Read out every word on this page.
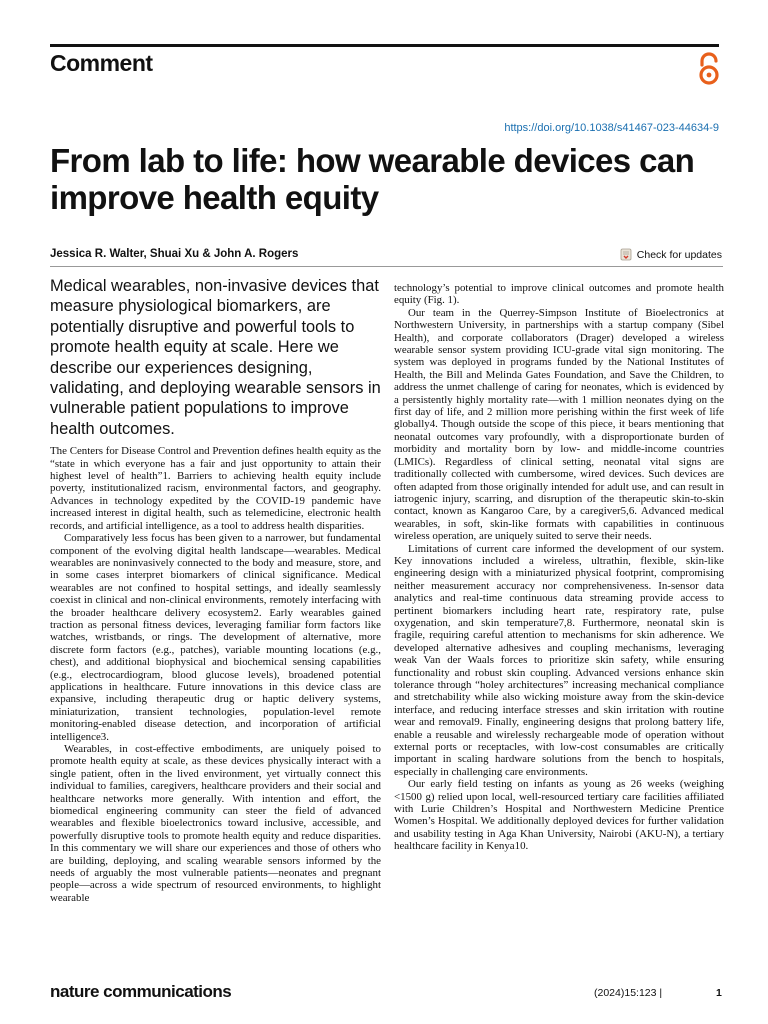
Comment
https://doi.org/10.1038/s41467-023-44634-9
From lab to life: how wearable devices can improve health equity
Jessica R. Walter, Shuai Xu & John A. Rogers	Check for updates
Medical wearables, non-invasive devices that measure physiological biomarkers, are potentially disruptive and powerful tools to promote health equity at scale. Here we describe our experiences designing, validating, and deploying wearable sensors in vulnerable patient populations to improve health outcomes.

The Centers for Disease Control and Prevention defines health equity as the “state in which everyone has a fair and just opportunity to attain their highest level of health”1. Barriers to achieving health equity include poverty, institutionalized racism, environmental factors, and geography. Advances in technology expedited by the COVID-19 pandemic have increased interest in digital health, such as telemedicine, electronic health records, and artificial intelligence, as a tool to address health disparities.

Comparatively less focus has been given to a narrower, but fundamental component of the evolving digital health landscape—wearables. Medical wearables are noninvasively connected to the body and measure, store, and in some cases interpret biomarkers of clinical significance. Medical wearables are not confined to hospital settings, and ideally seamlessly coexist in clinical and non-clinical environments, remotely interfacing with the broader healthcare delivery ecosystem2. Early wearables gained traction as personal fitness devices, leveraging familiar form factors like watches, wristbands, or rings. The development of alternative, more discrete form factors (e.g., patches), variable mounting locations (e.g., chest), and additional biophysical and biochemical sensing capabilities (e.g., electrocardiogram, blood glucose levels), broadened potential applications in healthcare. Future innovations in this device class are expansive, including therapeutic drug or haptic delivery systems, miniaturization, transient technologies, population-level remote monitoring-enabled disease detection, and incorporation of artificial intelligence3.

Wearables, in cost-effective embodiments, are uniquely poised to promote health equity at scale, as these devices physically interact with a single patient, often in the lived environment, yet virtually connect this individual to families, caregivers, healthcare providers and their social and healthcare networks more generally. With intention and effort, the biomedical engineering community can steer the field of advanced wearables and flexible bioelectronics toward inclusive, accessible, and powerfully disruptive tools to promote health equity and reduce disparities. In this commentary we will share our experiences and those of others who are building, deploying, and scaling wearable sensors informed by the needs of arguably the most vulnerable patients—neonates and pregnant people—across a wide spectrum of resourced environments, to highlight wearable

technology’s potential to improve clinical outcomes and promote health equity (Fig. 1).

Our team in the Querrey-Simpson Institute of Bioelectronics at Northwestern University, in partnerships with a startup company (Sibel Health), and corporate collaborators (Drager) developed a wireless wearable sensor system providing ICU-grade vital sign monitoring. The system was deployed in programs funded by the National Institutes of Health, the Bill and Melinda Gates Foundation, and Save the Children, to address the unmet challenge of caring for neonates, which is evidenced by a persistently highly mortality rate—with 1 million neonates dying on the first day of life, and 2 million more perishing within the first week of life globally4. Though outside the scope of this piece, it bears mentioning that neonatal outcomes vary profoundly, with a disproportionate burden of morbidity and mortality born by low- and middle-income countries (LMICs). Regardless of clinical setting, neonatal vital signs are traditionally collected with cumbersome, wired devices. Such devices are often adapted from those originally intended for adult use, and can result in iatrogenic injury, scarring, and disruption of the therapeutic skin-to-skin contact, known as Kangaroo Care, by a caregiver5,6. Advanced medical wearables, in soft, skin-like formats with capabilities in continuous wireless operation, are uniquely suited to serve their needs.

Limitations of current care informed the development of our system. Key innovations included a wireless, ultrathin, flexible, skin-like engineering design with a miniaturized physical footprint, compromising neither measurement accuracy nor comprehensiveness. In-sensor data analytics and real-time continuous data streaming provide access to pertinent biomarkers including heart rate, respiratory rate, pulse oxygenation, and skin temperature7,8. Furthermore, neonatal skin is fragile, requiring careful attention to mechanisms for skin adherence. We developed alternative adhesives and coupling mechanisms, leveraging weak Van der Waals forces to prioritize skin safety, while ensuring functionality and robust skin coupling. Advanced versions enhance skin tolerance through “holey architectures” increasing mechanical compliance and stretchability while also wicking moisture away from the skin-device interface, and reducing interface stresses and skin irritation with routine wear and removal9. Finally, engineering designs that prolong battery life, enable a reusable and wirelessly rechargeable mode of operation without external ports or receptacles, with low-cost consumables are critically important in scaling hardware solutions from the bench to hospitals, especially in challenging care environments.

Our early field testing on infants as young as 26 weeks (weighing <1500 g) relied upon local, well-resourced tertiary care facilities affiliated with Lurie Children’s Hospital and Northwestern Medicine Prentice Women’s Hospital. We additionally deployed devices for further validation and usability testing in Aga Khan University, Nairobi (AKU-N), a tertiary healthcare facility in Kenya10.

nature communications	(2024)15:123 |	1
